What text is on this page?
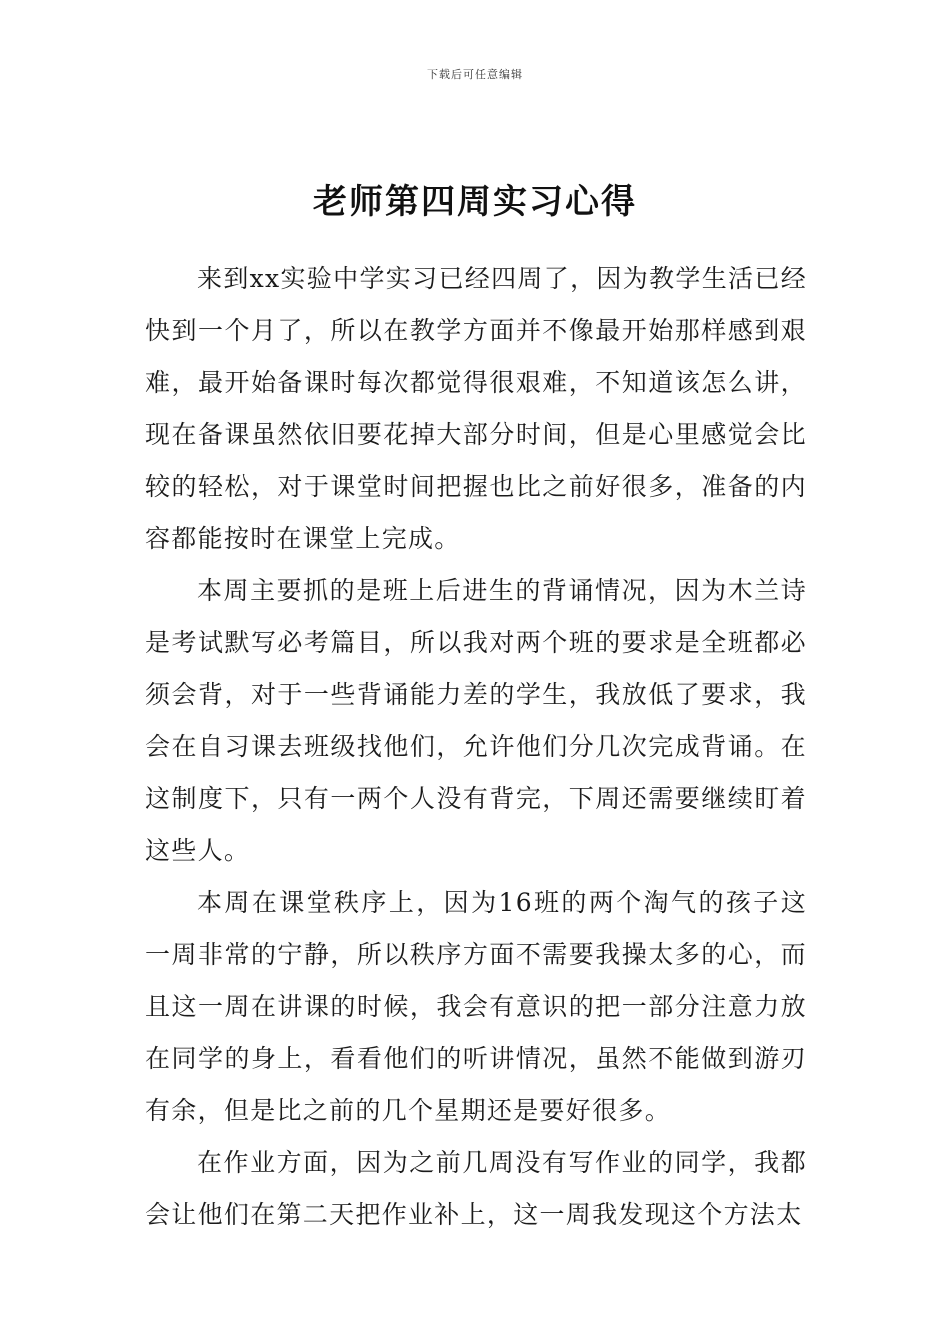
下载后可任意编辑
老师第四周实习心得

来到xx实验中学实习已经四周了，因为教学生活已经快到一个月了，所以在教学方面并不像最开始那样感到艰难，最开始备课时每次都觉得很艰难，不知道该怎么讲，现在备课虽然依旧要花掉大部分时间，但是心里感觉会比较的轻松，对于课堂时间把握也比之前好很多，准备的内容都能按时在课堂上完成。

本周主要抓的是班上后进生的背诵情况，因为木兰诗是考试默写必考篇目，所以我对两个班的要求是全班都必须会背，对于一些背诵能力差的学生，我放低了要求，我会在自习课去班级找他们，允许他们分几次完成背诵。在这制度下，只有一两个人没有背完，下周还需要继续盯着这些人。

本周在课堂秩序上，因为16班的两个淘气的孩子这一周非常的宁静，所以秩序方面不需要我操太多的心，而且这一周在讲课的时候，我会有意识的把一部分注意力放在同学的身上，看看他们的听讲情况，虽然不能做到游刃有余，但是比之前的几个星期还是要好很多。

在作业方面，因为之前几周没有写作业的同学，我都会让他们在第二天把作业补上，这一周我发现这个方法太
